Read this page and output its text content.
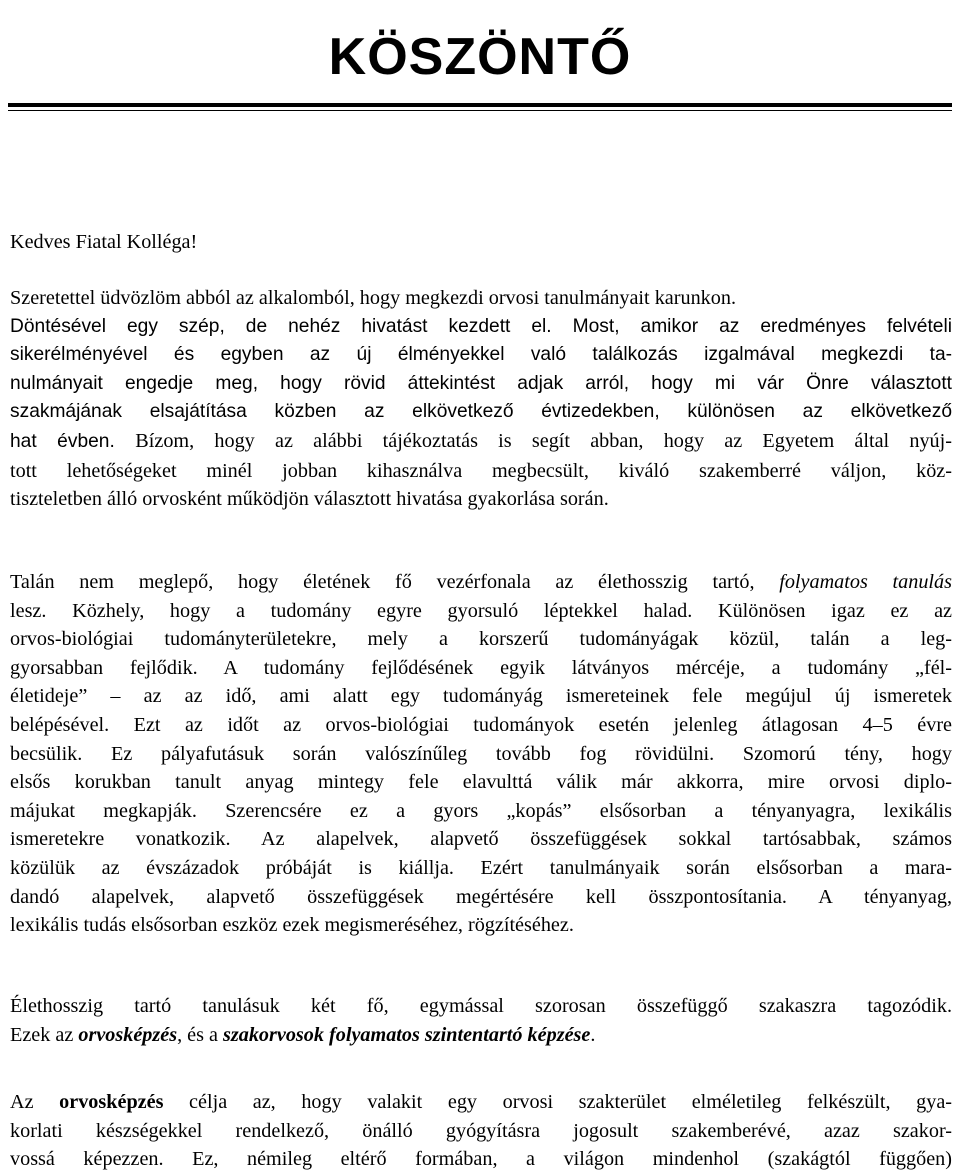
KÖSZÖNTŐ

Kedves Fiatal Kolléga!

Szeretettel üdvözlöm abból az alkalomból, hogy megkezdi orvosi tanulmányait karunkon.
Döntésével egy szép, de nehéz hivatást kezdett el. Most, amikor az eredményes felvételi
sikerélményével és egyben az új élményekkel való találkozás izgalmával megkezdi ta-
nulmányait engedje meg, hogy rövid áttekintést adjak arról, hogy mi vár Önre választott
szakmájának elsajátítása közben az elkövetkező évtizedekben, különösen az elkövetkező
hat évben. Bízom, hogy az alábbi tájékoztatás is segít abban, hogy az Egyetem által nyúj-
tott lehetőségeket minél jobban kihasználva megbecsült, kiváló szakemberré váljon, köz-
tiszteletben álló orvosként működjön választott hivatása gyakorlása során.
Talán nem meglepő, hogy életének fő vezérfonala az élethosszig tartó, folyamatos tanulás
lesz. Közhely, hogy a tudomány egyre gyorsuló léptekkel halad. Különösen igaz ez az
orvos-biológiai tudományterületekre, mely a korszerű tudományágak közül, talán a leg-
gyorsabban fejlődik. A tudomány fejlődésének egyik látványos mércéje, a tudomány „fél-
életideje” – az az idő, ami alatt egy tudományág ismereteinek fele megújul új ismeretek
belépésével. Ezt az időt az orvos-biológiai tudományok esetén jelenleg átlagosan 4–5 évre
becsülik. Ez pályafutásuk során valószínűleg tovább fog rövidülni. Szomorú tény, hogy
elsős korukban tanult anyag mintegy fele elavulttá válik már akkorra, mire orvosi diplo-
májukat megkapják. Szerencsére ez a gyors „kopás” elsősorban a tényanyagra, lexikális
ismeretekre vonatkozik. Az alapelvek, alapvető összefüggések sokkal tartósabbak, számos
közülük az évszázadok próbáját is kiállja. Ezért tanulmányaik során elsősorban a mara-
dandó alapelvek, alapvető összefüggések megértésére kell összpontosítania. A tényanyag,
lexikális tudás elsősorban eszköz ezek megismeréséhez, rögzítéséhez.
Élethosszig tartó tanulásuk két fő, egymással szorosan összefüggő szakaszra tagozódik.
Ezek az orvosképzés, és a szakorvosok folyamatos szintentartó képzése.
Az orvosképzés célja az, hogy valakit egy orvosi szakterület elméletileg felkészült, gya-
korlati készségekkel rendelkező, önálló gyógyításra jogosult szakemberévé, azaz szakor-
vossá képezzen. Ez, némileg eltérő formában, a világon mindenhol (szakágtól függően)
